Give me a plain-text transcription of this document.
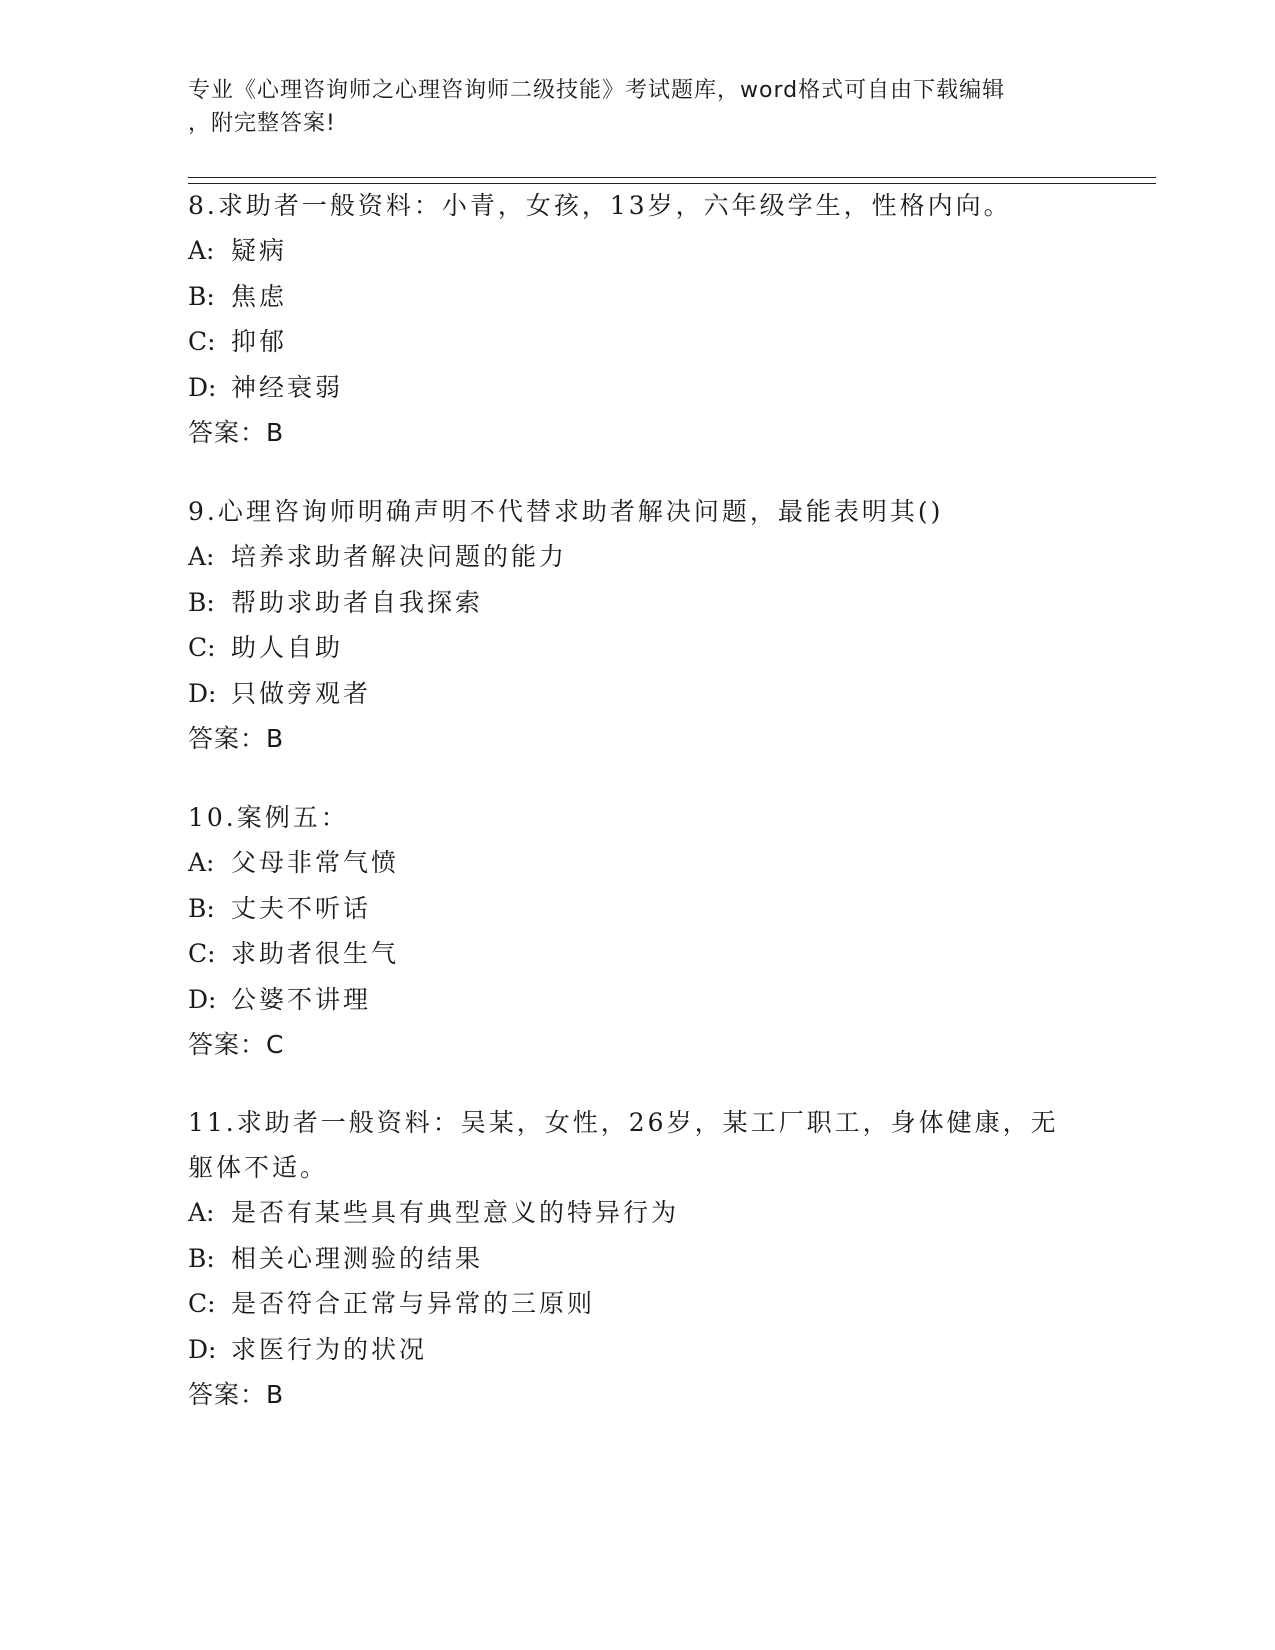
专业《心理咨询师之心理咨询师二级技能》考试题库，word格式可自由下载编辑
，附完整答案!

8.求助者一般资料：小青，女孩，13岁，六年级学生，性格内向。

A: 疑病

B: 焦虑

C: 抑郁

D: 神经衰弱

答案：B

9.心理咨询师明确声明不代替求助者解决问题，最能表明其()

A: 培养求助者解决问题的能力

B: 帮助求助者自我探索

C: 助人自助

D: 只做旁观者

答案：B

10.案例五：

A: 父母非常气愤

B: 丈夫不听话

C: 求助者很生气

D: 公婆不讲理

答案：C

11.求助者一般资料：吴某，女性，26岁，某工厂职工，身体健康，无躯体不适。

A: 是否有某些具有典型意义的特异行为

B: 相关心理测验的结果

C: 是否符合正常与异常的三原则

D: 求医行为的状况

答案：B
